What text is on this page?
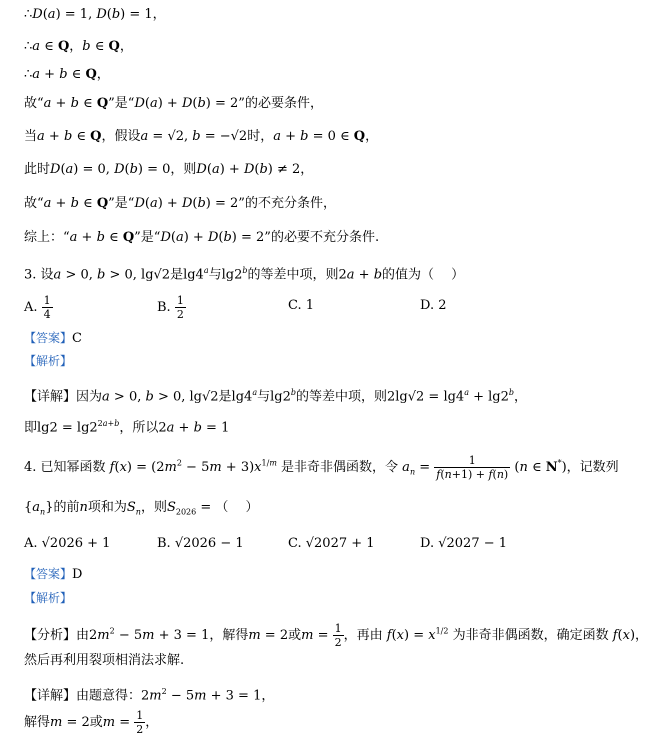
∴D(a) = 1, D(b) = 1，
∴a ∈ Q，b ∈ Q，
∴a + b ∈ Q，
故“a + b ∈ Q”是“D(a) + D(b) = 2”的必要条件，
当a + b ∈ Q，假设a = √2, b = −√2时，a + b = 0 ∈ Q，
此时D(a) = 0, D(b) = 0，则D(a) + D(b) ≠ 2，
故“a + b ∈ Q”是“D(a) + D(b) = 2”的不充分条件，
综上：“a + b ∈ Q”是“D(a) + D(b) = 2”的必要不充分条件.
3. 设a > 0, b > 0, lg√2是lg4$^a$与lg2$^b$的等差中项，则2a + b的值为（　 ）
A. $\frac{1}{4}$	B. $\frac{1}{2}$	C. 1	D. 2
【答案】C
【解析】
【详解】因为a > 0, b > 0, lg√2是lg4$^a$与lg2$^b$的等差中项，则$2\lg√2 = \lg 4^a + \lg 2^b$，
即$\lg 2 = \lg 2^{2a+b}$，所以2a + b = 1
4. 已知幂函数 $f(x) = (2m^2 - 5m + 3)x^{1/m}$ 是非奇非偶函数，令 $a_n = \frac{1}{f(n+1) + f(n)} (n$ ∈ N*)，记数列
$\{a_n\}$的前n项和为$S_n$，则$S_{2026}$ = （　 ）
A. √2026 + 1	B. √2026 − 1	C. √2027 + 1	D. √2027 − 1
【答案】D
【解析】
【分析】由$2m^2 - 5m + 3 = 1$，解得m = 2或$m = \frac{1}{2}$ ，再由 $f(x) = x^{1/2}$ 为非奇非偶函数，确定函数 f(x)，
然后再利用裂项相消法求解.
【详解】由题意得：$2m^2 - 5m + 3 = 1$，
解得m = 2或$m = \frac{1}{2}$ ，
